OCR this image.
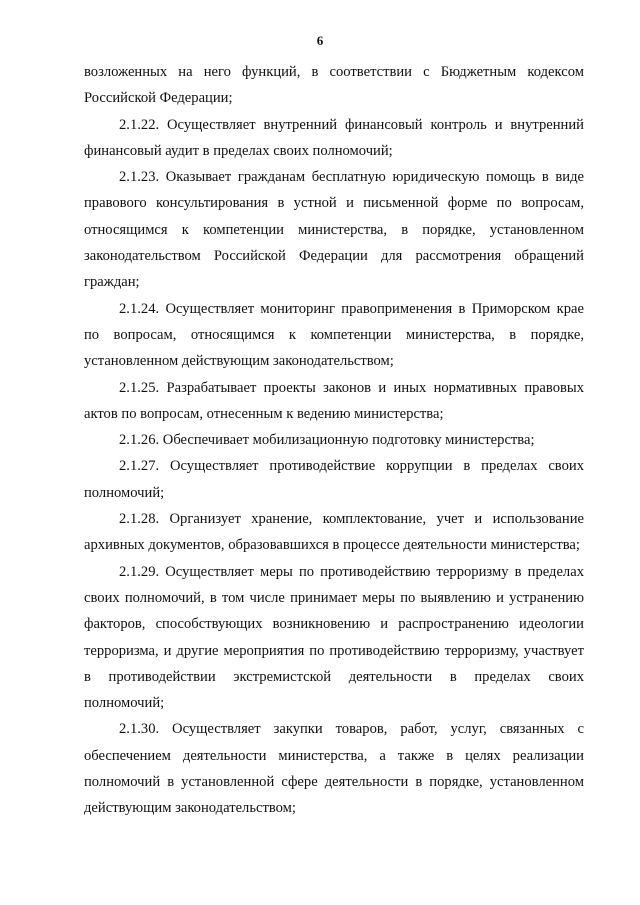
6

возложенных на него функций, в соответствии с Бюджетным кодексом Российской Федерации;

2.1.22. Осуществляет внутренний финансовый контроль и внутренний финансовый аудит в пределах своих полномочий;

2.1.23. Оказывает гражданам бесплатную юридическую помощь в виде правового консультирования в устной и письменной форме по вопросам, относящимся к компетенции министерства, в порядке, установленном законодательством Российской Федерации для рассмотрения обращений граждан;

2.1.24. Осуществляет мониторинг правоприменения в Приморском крае по вопросам, относящимся к компетенции министерства, в порядке, установленном действующим законодательством;

2.1.25. Разрабатывает проекты законов и иных нормативных правовых актов по вопросам, отнесенным к ведению министерства;

2.1.26. Обеспечивает мобилизационную подготовку министерства;

2.1.27. Осуществляет противодействие коррупции в пределах своих полномочий;

2.1.28. Организует хранение, комплектование, учет и использование архивных документов, образовавшихся в процессе деятельности министерства;

2.1.29. Осуществляет меры по противодействию терроризму в пределах своих полномочий, в том числе принимает меры по выявлению и устранению факторов, способствующих возникновению и распространению идеологии терроризма, и другие мероприятия по противодействию терроризму, участвует в противодействии экстремистской деятельности в пределах своих полномочий;

2.1.30. Осуществляет закупки товаров, работ, услуг, связанных с обеспечением деятельности министерства, а также в целях реализации полномочий в установленной сфере деятельности в порядке, установленном действующим законодательством;
